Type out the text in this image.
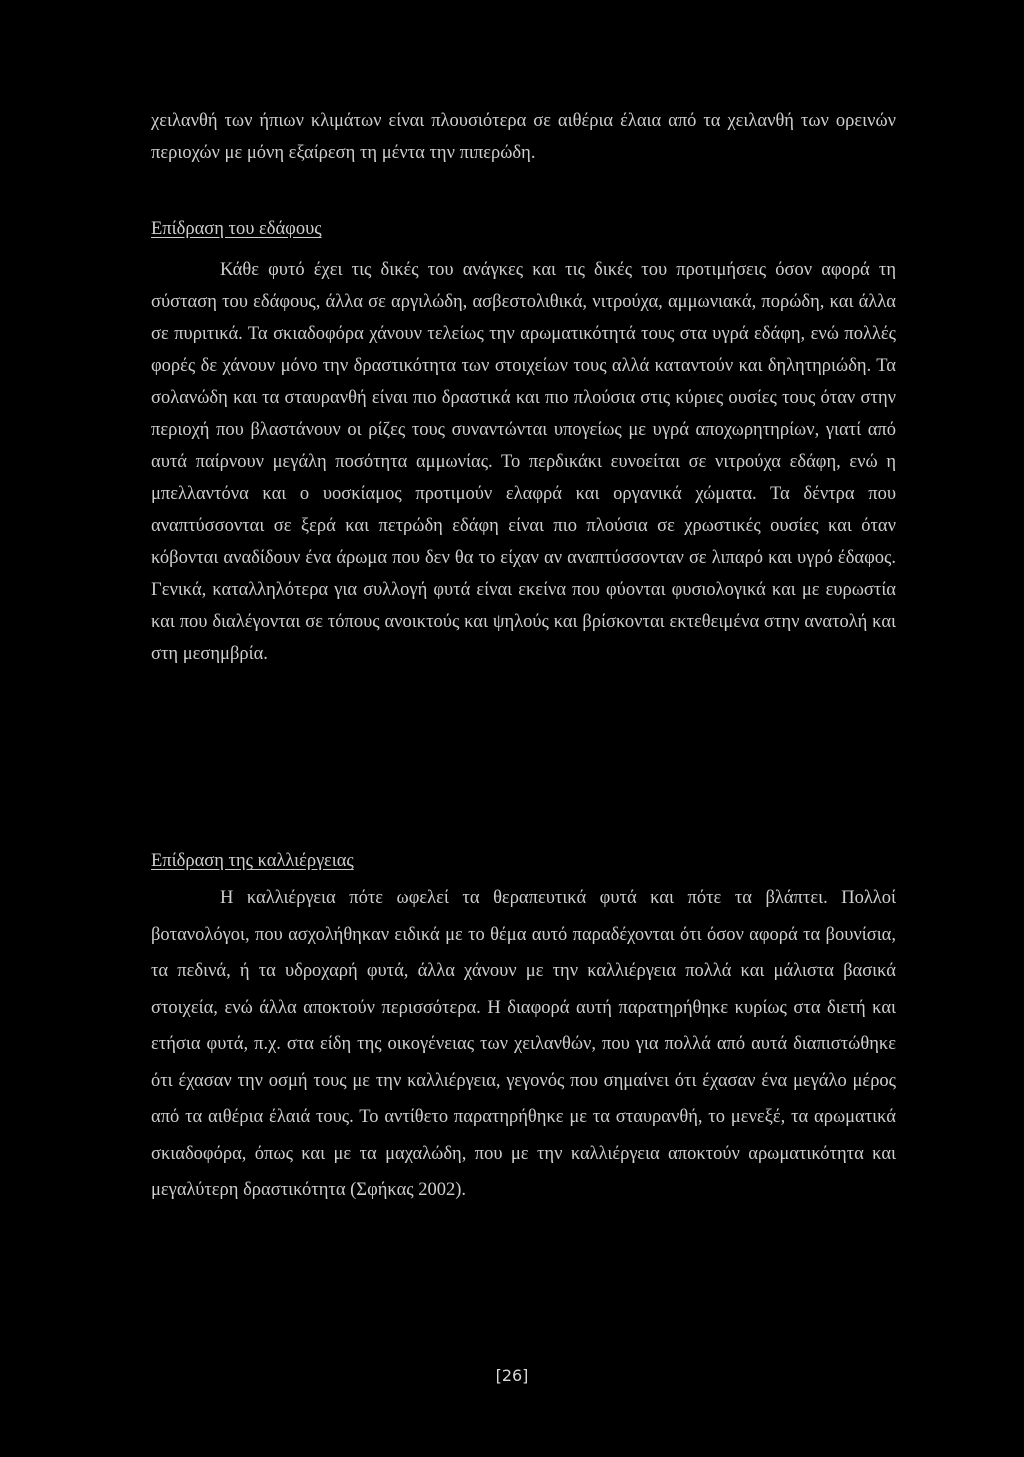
χειλανθή των ήπιων κλιμάτων είναι πλουσιότερα σε αιθέρια έλαια από τα χειλανθή των ορεινών περιοχών με μόνη εξαίρεση τη μέντα την πιπερώδη.

Επίδραση του εδάφους

Κάθε φυτό έχει τις δικές του ανάγκες και τις δικές του προτιμήσεις όσον αφορά τη σύσταση του εδάφους, άλλα σε αργιλώδη, ασβεστολιθικά, νιτρούχα, αμμωνιακά, πορώδη, και άλλα σε πυριτικά. Τα σκιαδοφόρα χάνουν τελείως την αρωματικότητά τους στα υγρά εδάφη, ενώ πολλές φορές δε χάνουν μόνο την δραστικότητα των στοιχείων τους αλλά καταντούν και δηλητηριώδη. Τα σολανώδη και τα σταυρανθή είναι πιο δραστικά και πιο πλούσια στις κύριες ουσίες τους όταν στην περιοχή που βλαστάνουν οι ρίζες τους συναντώνται υπογείως με υγρά αποχωρητηρίων, γιατί από αυτά παίρνουν μεγάλη ποσότητα αμμωνίας. Το περδικάκι ευνοείται σε νιτρούχα εδάφη, ενώ η μπελλαντόνα και ο υοσκίαμος προτιμούν ελαφρά και οργανικά χώματα. Τα δέντρα που αναπτύσσονται σε ξερά και πετρώδη εδάφη είναι πιο πλούσια σε χρωστικές ουσίες και όταν κόβονται αναδίδουν ένα άρωμα που δεν θα το είχαν αν αναπτύσσονταν σε λιπαρό και υγρό έδαφος. Γενικά, καταλληλότερα για συλλογή φυτά είναι εκείνα που φύονται φυσιολογικά και με ευρωστία και που διαλέγονται σε τόπους ανοικτούς και ψηλούς και βρίσκονται εκτεθειμένα στην ανατολή και στη μεσημβρία.

Επίδραση της καλλιέργειας

Η καλλιέργεια πότε ωφελεί τα θεραπευτικά φυτά και πότε τα βλάπτει. Πολλοί βοτανολόγοι, που ασχολήθηκαν ειδικά με το θέμα αυτό παραδέχονται ότι όσον αφορά τα βουνίσια, τα πεδινά, ή τα υδροχαρή φυτά, άλλα χάνουν με την καλλιέργεια πολλά και μάλιστα βασικά στοιχεία, ενώ άλλα αποκτούν περισσότερα. Η διαφορά αυτή παρατηρήθηκε κυρίως στα διετή και ετήσια φυτά, π.χ. στα είδη της οικογένειας των χειλανθών, που για πολλά από αυτά διαπιστώθηκε ότι έχασαν την οσμή τους με την καλλιέργεια, γεγονός που σημαίνει ότι έχασαν ένα μεγάλο μέρος από τα αιθέρια έλαιά τους. Το αντίθετο παρατηρήθηκε με τα σταυρανθή, το μενεξέ, τα αρωματικά σκιαδοφόρα, όπως και με τα μαχαλώδη, που με την καλλιέργεια αποκτούν αρωματικότητα και μεγαλύτερη δραστικότητα (Σφήκας 2002).

[26]
